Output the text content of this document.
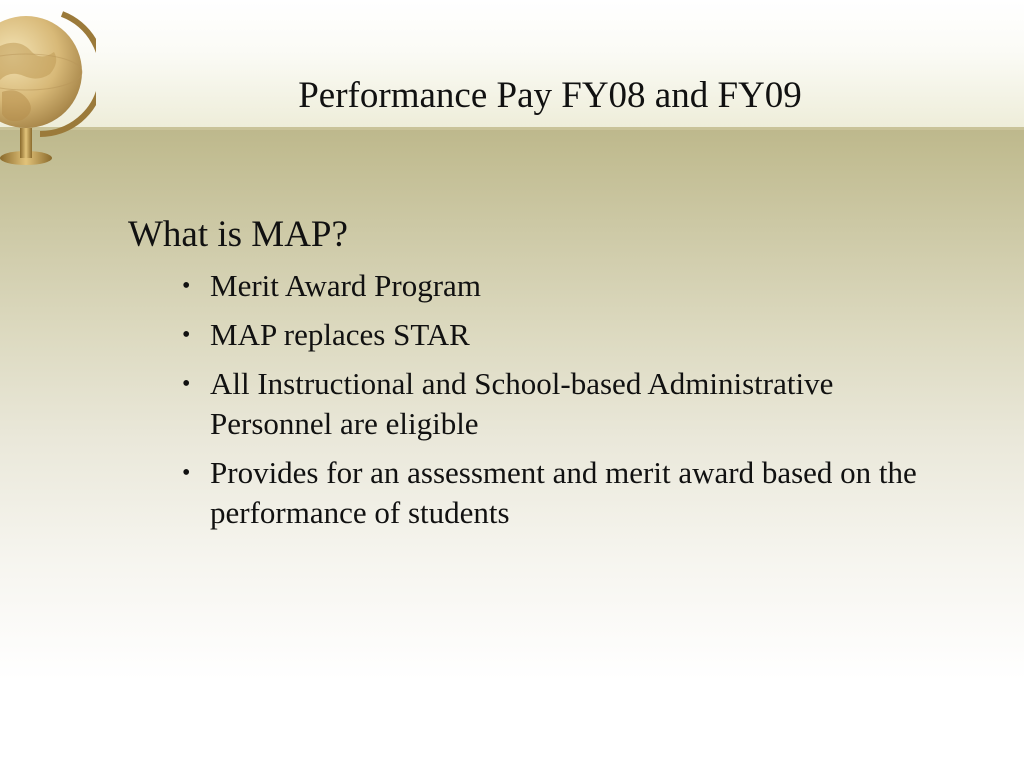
Performance Pay FY08 and FY09
What is MAP?
• Merit Award Program
• MAP replaces STAR
• All Instructional and School-based Administrative Personnel are eligible
• Provides for an assessment and merit award based on the performance of students
